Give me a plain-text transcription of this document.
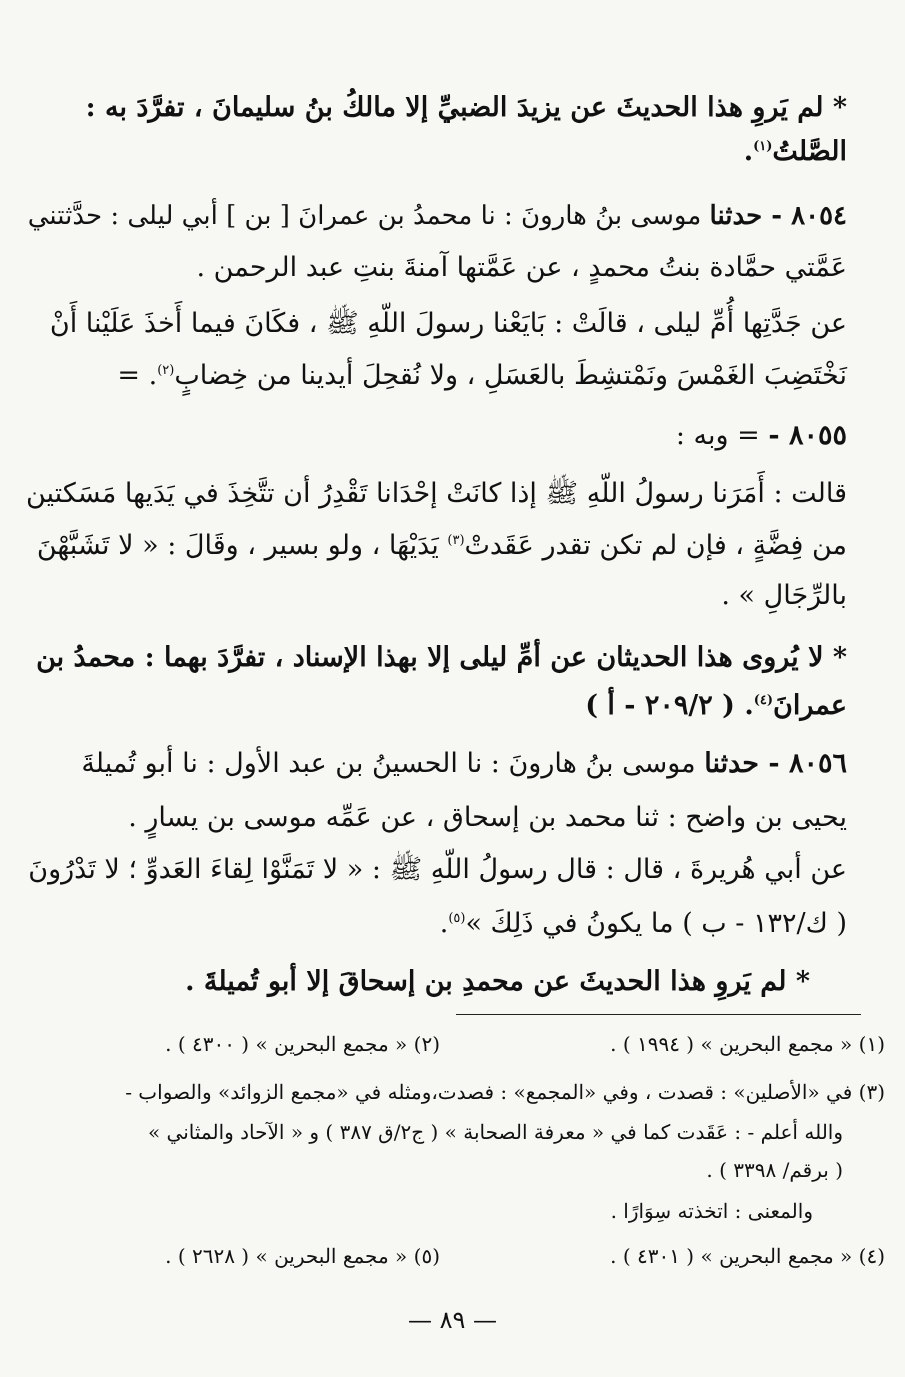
* لم يَروِ هذا الحديثَ عن يزيدَ الضبيِّ إلا مالكُ بنُ سليمانَ ، تفرَّدَ به :
الصَّلتُ$^{(١)}$.
٨٠٥٤ - حدثنا موسى بنُ هارونَ : نا محمدُ بن عمرانَ [ بن ] أبي ليلى : حدَّثتني
عَمَّتي حمَّادة بنتُ محمدٍ ، عن عَمَّتها آمنةَ بنتِ عبد الرحمن .
عن جَدَّتِها أُمِّ ليلى ، قالَتْ : بَايَعْنا رسولَ اللّهِ ﷺ ، فكَانَ فيما أَخذَ عَلَيْنا أَنْ
نَخْتَضِبَ الغَمْسَ ونَمْتشِطَ بالعَسَلِ ، ولا نُقحِلَ أيدينا من خِضابٍ$^{(٢)}$. =
٨٠٥٥ - = وبه :
قالت : أَمَرَنا رسولُ اللّهِ ﷺ إذا كانَتْ إحْدَانا تَقْدِرُ أن تتَّخِذَ في يَدَيها مَسَكتين
من فِضَّةٍ ، فإن لم تكن تقدر عَقَدتْ$^{(٣)}$ يَدَيْهَا ، ولو بسير ، وقَالَ : « لا تَشَبَّهْنَ
بالرِّجَالِ » .
* لا يُروى هذا الحديثان عن أمِّ ليلى إلا بهذا الإسناد ، تفرَّدَ بهما : محمدُ بن
عمرانَ$^{(٤)}$. ( ٢٠٩/٢ - أ )
٨٠٥٦ - حدثنا موسى بنُ هارونَ : نا الحسينُ بن عبد الأول : نا أبو تُميلةَ
يحيى بن واضح : ثنا محمد بن إسحاق ، عن عَمِّه موسى بن يسارٍ .
عن أبي هُريرةَ ، قال : قال رسولُ اللّهِ ﷺ : « لا تَمَنَّوْا لِقاءَ العَدوِّ ؛ لا تَدْرُونَ
( ك/١٣٢ - ب ) ما يكونُ في ذَلِكَ »$^{(٥)}$.
* لم يَروِ هذا الحديثَ عن محمدِ بن إسحاقَ إلا أبو تُميلةَ .
(١) « مجمع البحرين » ( ١٩٩٤ ) .
(٢) « مجمع البحرين » ( ٤٣٠٠ ) .
(٣) في «الأصلين» : قصدت ، وفي «المجمع» : فصدت،ومثله في «مجمع الزوائد» والصواب -
والله أعلم - : عَقَدت كما في « معرفة الصحابة » ( ج٢/ق ٣٨٧ ) و « الآحاد والمثاني »
( برقم/ ٣٣٩٨ ) .
والمعنى : اتخذته سِوَارًا .
(٤) « مجمع البحرين » ( ٤٣٠١ ) .
(٥) « مجمع البحرين » ( ٢٦٢٨ ) .
— ٨٩ —
